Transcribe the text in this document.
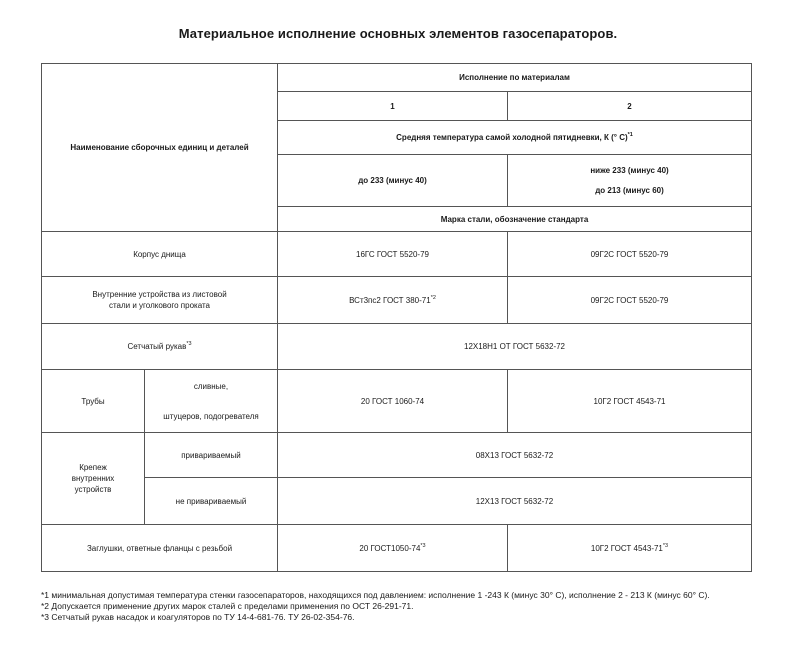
Материальное исполнение основных элементов газосепараторов.
Наименование сборочных единиц и деталей		Исполнение по материалам	
		1	2
		Средняя температура самой холодной пятидневки, К (° С)$^{*1}$
		до 233 (минус 40)	ниже 233 (минус 40)
до 213 (минус 60)

		Марка стали, обозначение стандарта	
Корпус днища		16ГС ГОСТ 5520-79	09Г2С ГОСТ 5520-79

Внутренние устройства из листовой
стали и уголкового проката		ВСт3пс2 ГОСТ 380-71$^{*2}$	09Г2С ГОСТ 5520-79
Сетчатый рукав$^{*3}$		12Х18Н1 ОТ ГОСТ 5632-72	
Трубы	сливные,
штуцеров, подогревателя	20 ГОСТ 1060-74	10Г2 ГОСТ 4543-71

Крепеж
внутренних
устройств	привариваемый	08Х13 ГОСТ 5632-72	
	не привариваемый	12Х13 ГОСТ 5632-72	
Заглушки, ответные фланцы с резьбой		20 ГОСТ1050-74$^{*3}$	10Г2 ГОСТ 4543-71$^{*3}$
*1 минимальная допустимая температура стенки газосепараторов, находящихся под давлением: исполнение 1 -243 К (минус 30° С), исполнение 2 - 213 К (минус 60° С).
*2 Допускается применение других марок сталей с пределами применения по ОСТ 26-291-71.
*3 Сетчатый рукав насадок и коагуляторов по ТУ 14-4-681-76. ТУ 26-02-354-76.
